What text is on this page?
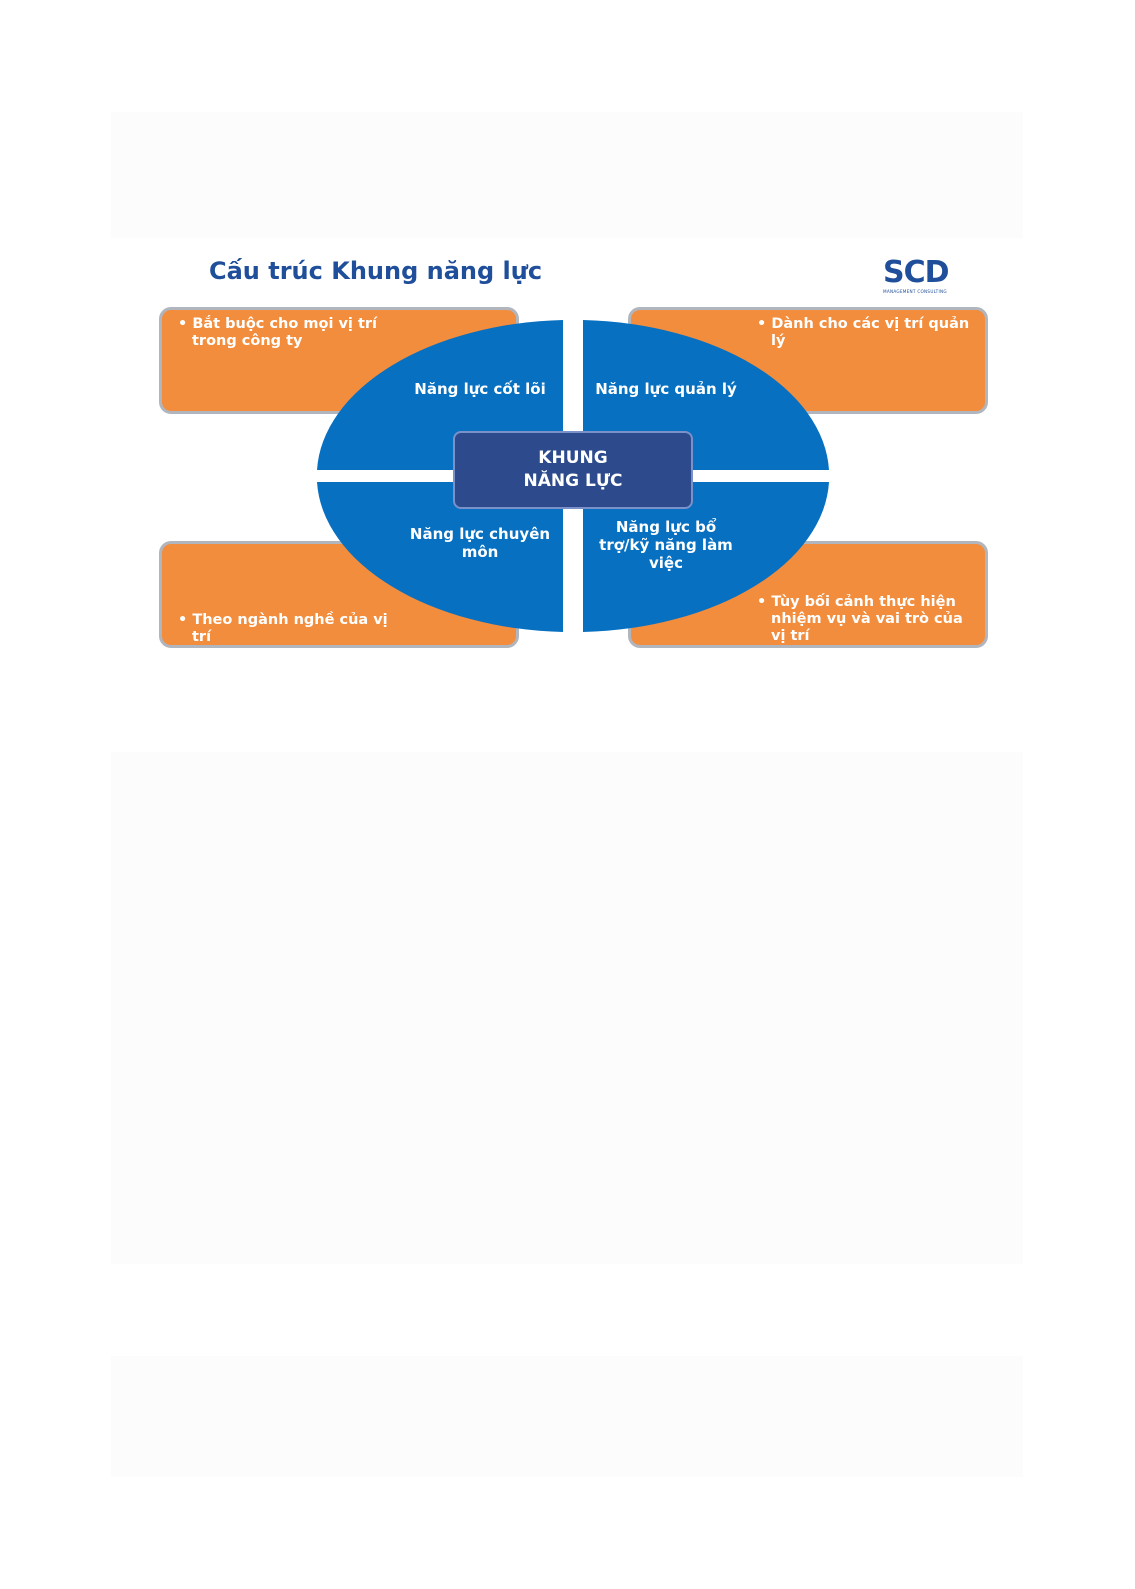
Cấu trúc Khung năng lực	SCD
MANAGEMENT CONSULTING

• Bắt buộc cho mọi vị trí trong công ty

• Dành cho các vị trí quản lý

• Theo ngành nghề của vị trí

• Tùy bối cảnh thực hiện nhiệm vụ và vai trò của vị trí

Năng lực cốt lõi	Năng lực quản lý

Năng lực chuyên môn

Năng lực bổ trợ/kỹ năng làm việc

KHUNG
NĂNG LỰC
